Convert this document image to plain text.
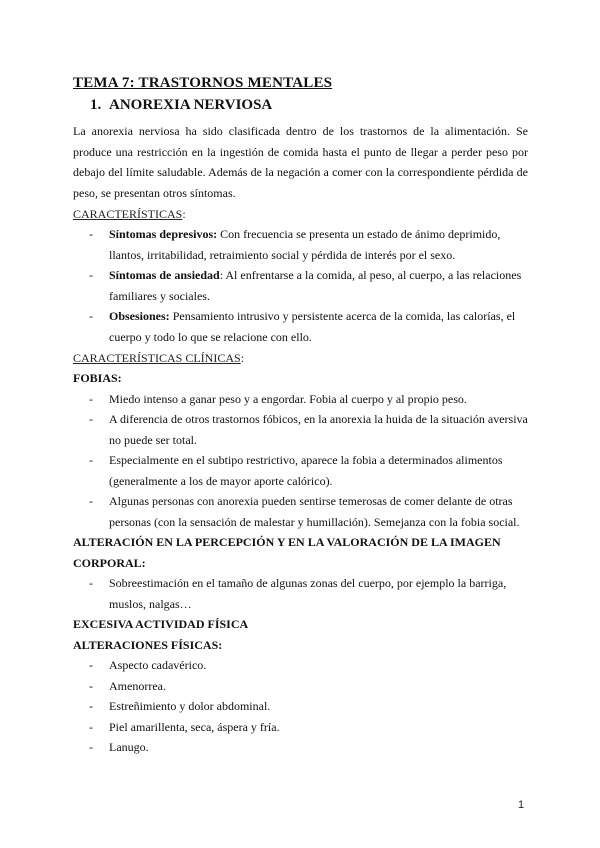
TEMA 7: TRASTORNOS MENTALES
1. ANOREXIA NERVIOSA

La anorexia nerviosa ha sido clasificada dentro de los trastornos de la alimentación. Se produce una restricción en la ingestión de comida hasta el punto de llegar a perder peso por debajo del límite saludable. Además de la negación a comer con la correspondiente pérdida de peso, se presentan otros síntomas.

CARACTERÍSTICAS:

- Síntomas depresivos: Con frecuencia se presenta un estado de ánimo deprimido, llantos, irritabilidad, retraimiento social y pérdida de interés por el sexo.
- Síntomas de ansiedad: Al enfrentarse a la comida, al peso, al cuerpo, a las relaciones familiares y sociales.
- Obsesiones: Pensamiento intrusivo y persistente acerca de la comida, las calorías, el cuerpo y todo lo que se relacione con ello.

CARACTERÍSTICAS CLÍNICAS:

FOBIAS:

- Miedo intenso a ganar peso y a engordar. Fobia al cuerpo y al propio peso.
- A diferencia de otros trastornos fóbicos, en la anorexia la huida de la situación aversiva no puede ser total.
- Especialmente en el subtipo restrictivo, aparece la fobia a determinados alimentos (generalmente a los de mayor aporte calórico).
- Algunas personas con anorexia pueden sentirse temerosas de comer delante de otras personas (con la sensación de malestar y humillación). Semejanza con la fobia social.

ALTERACIÓN EN LA PERCEPCIÓN Y EN LA VALORACIÓN DE LA IMAGEN CORPORAL:

- Sobreestimación en el tamaño de algunas zonas del cuerpo, por ejemplo la barriga, muslos, nalgas…

EXCESIVA ACTIVIDAD FÍSICA

ALTERACIONES FÍSICAS:

- Aspecto cadavérico.
- Amenorrea.
- Estreñimiento y dolor abdominal.
- Piel amarillenta, seca, áspera y fría.
- Lanugo.
1
